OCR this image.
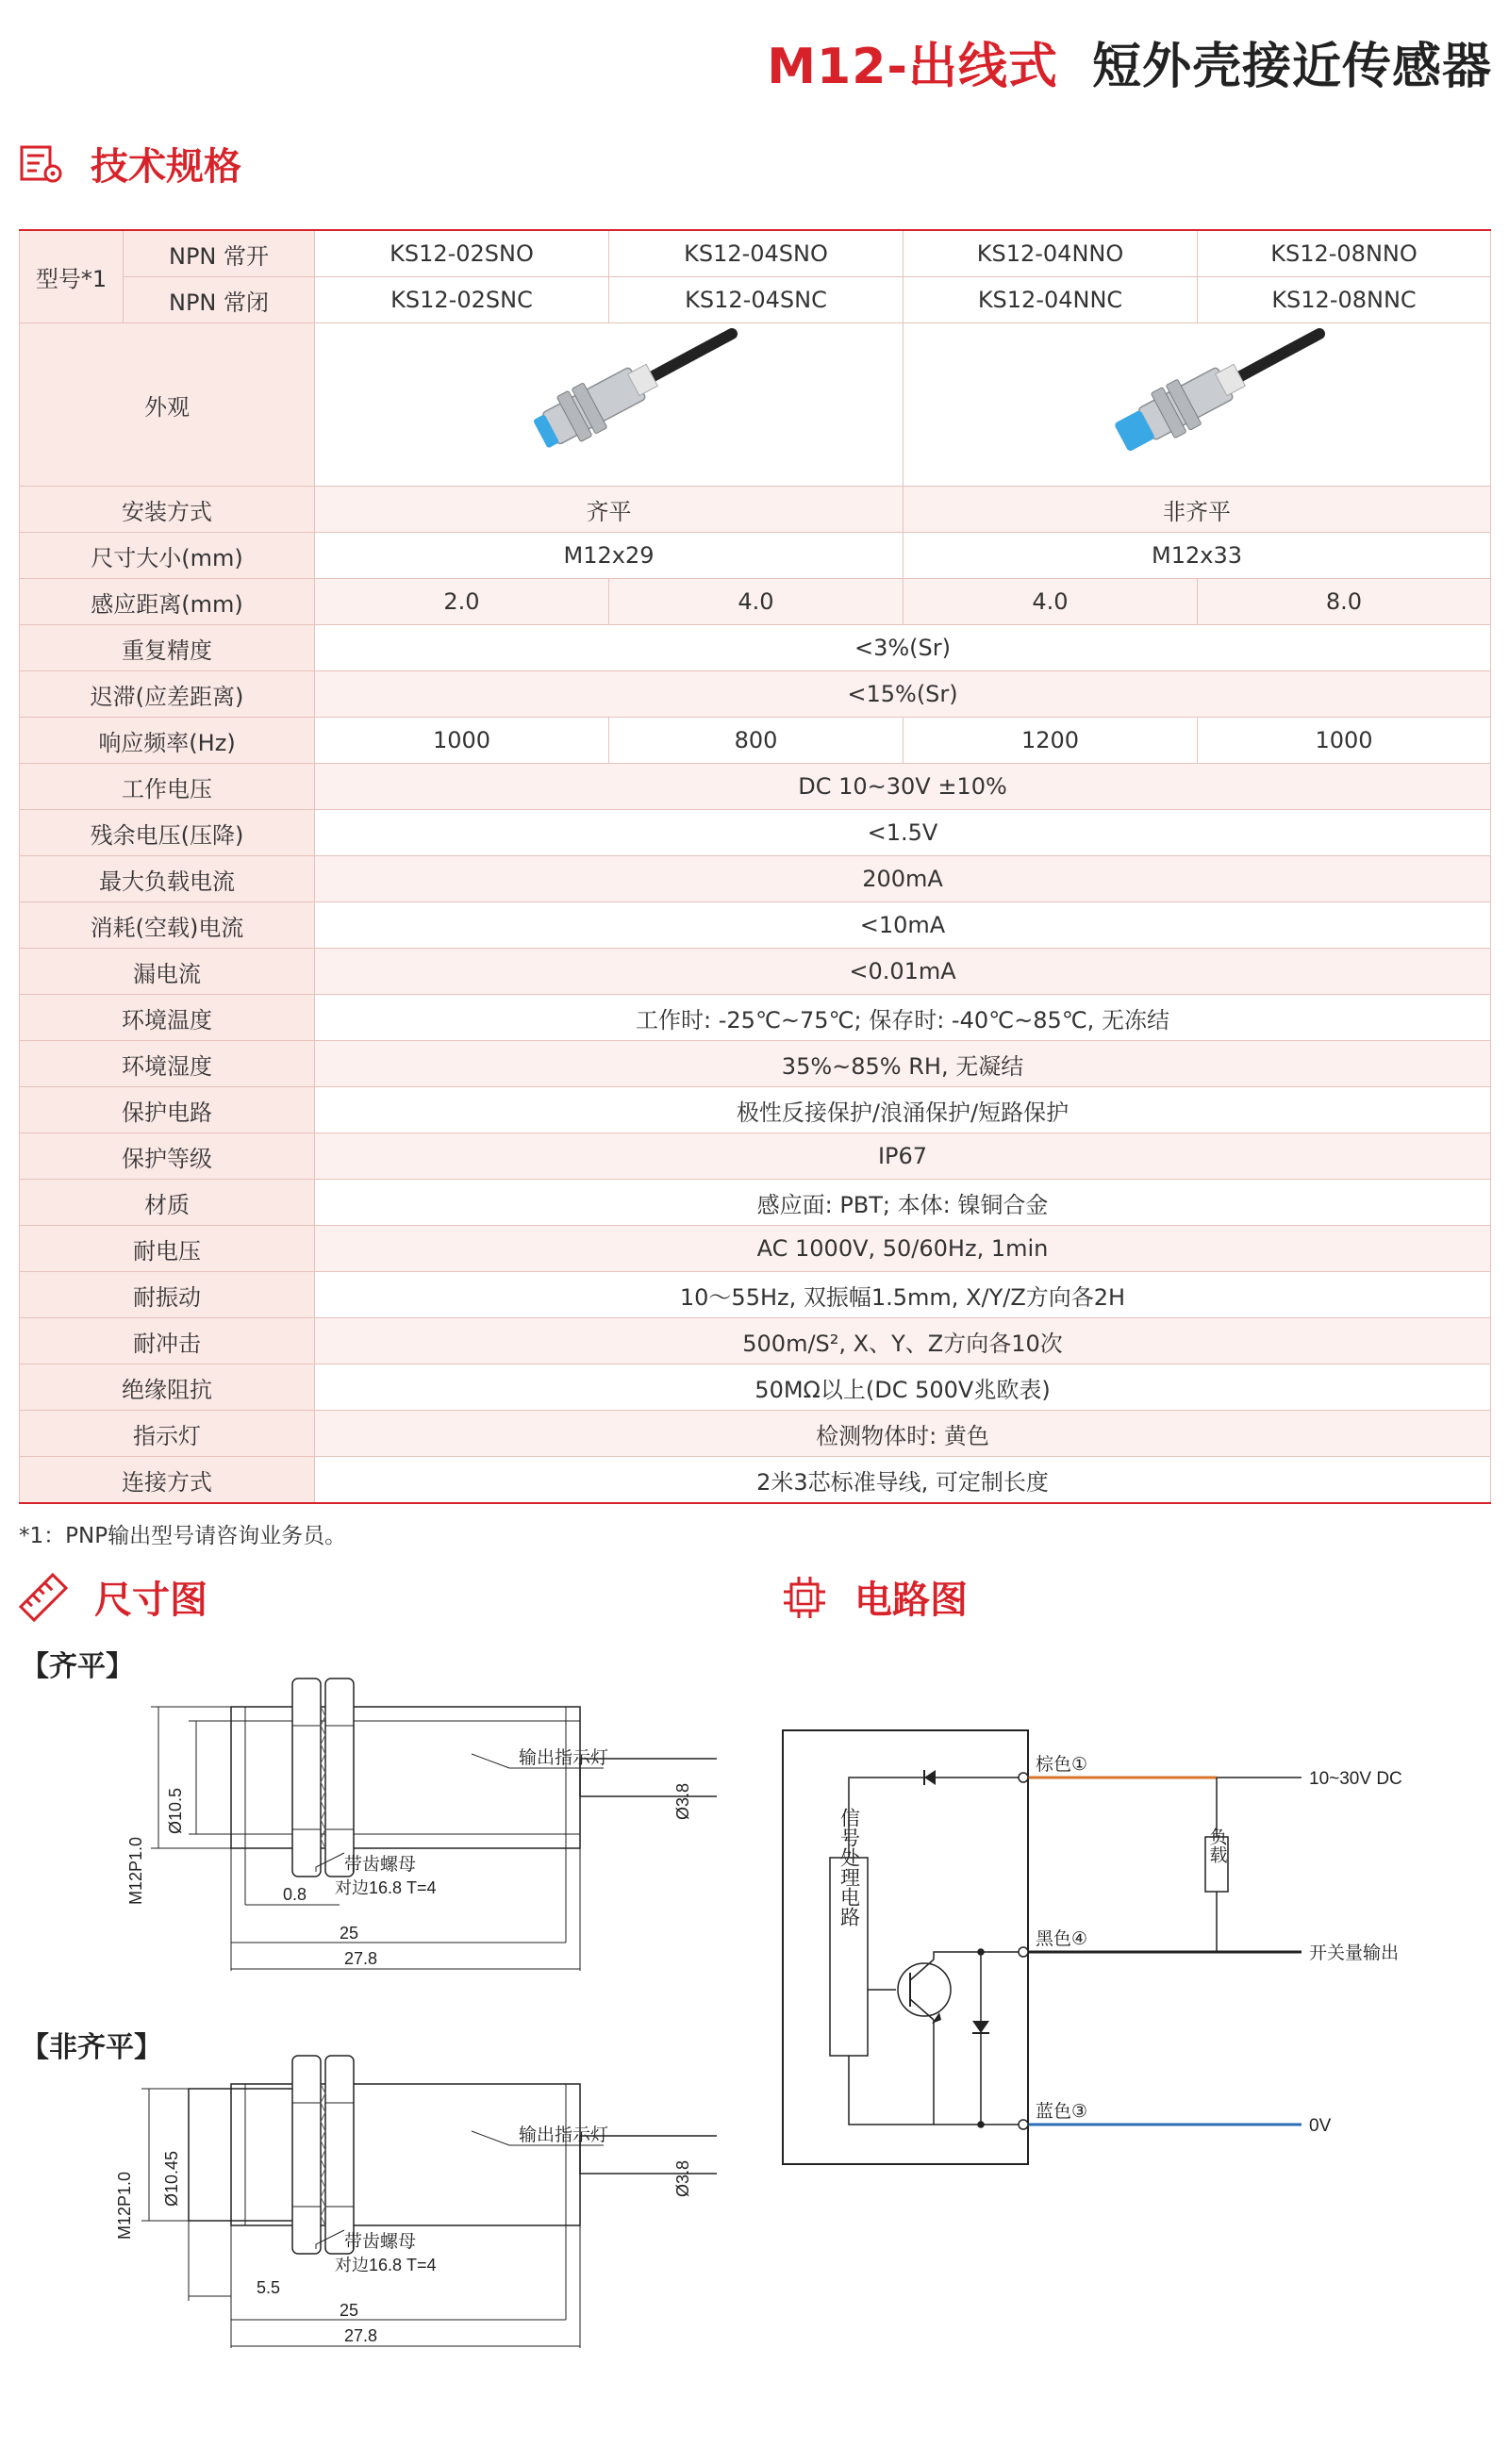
M12-出线式 短外壳接近传感器
技术规格
型号*1	NPN 常开	KS12-02SNO	KS12-04SNO	KS12-04NNO	KS12-08NNO
	NPN 常闭	KS12-02SNC	KS12-04SNC	KS12-04NNC	KS12-08NNC
外观		
安装方式		齐平		非齐平	
尺寸大小(mm)		M12x29		M12x33	
感应距离(mm)		2.0	4.0	4.0	8.0
重复精度		<3%(Sr)			
迟滞(应差距离)		<15%(Sr)			
响应频率(Hz)		1000	800	1200	1000
工作电压		DC 10~30V ±10%			
残余电压(压降)		<1.5V			
最大负载电流		200mA			
消耗(空载)电流		<10mA			
漏电流		<0.01mA			
环境温度		工作时: -25℃~75℃; 保存时: -40℃~85℃, 无冻结			
环境湿度		35%~85% RH, 无凝结			
保护电路		极性反接保护/浪涌保护/短路保护			
保护等级		IP67			
材质		感应面: PBT; 本体: 镍铜合金			
耐电压		AC 1000V, 50/60Hz, 1min			
耐振动		10～55Hz, 双振幅1.5mm, X/Y/Z方向各2H			
耐冲击		500m/S², X、Y、Z方向各10次			
绝缘阻抗		50MΩ以上(DC 500V兆欧表)			
指示灯		检测物体时: 黄色			
连接方式		2米3芯标准导线, 可定制长度			
*1：PNP输出型号请咨询业务员。
尺寸图	电路图
【齐平】
M12P1.0
Ø10.5	Ø3.8
输出指示灯
带齿螺母
对边16.8 T=4
0.8
25
27.8
【非齐平】
M12P1.0 Ø10.45	Ø3.8
输出指示灯
带齿螺母
对边16.8 T=4
5.5
25
27.8
棕色①
黑色④
蓝色③
10~30V DC
开关量输出
0V
负载
信号处理电路
